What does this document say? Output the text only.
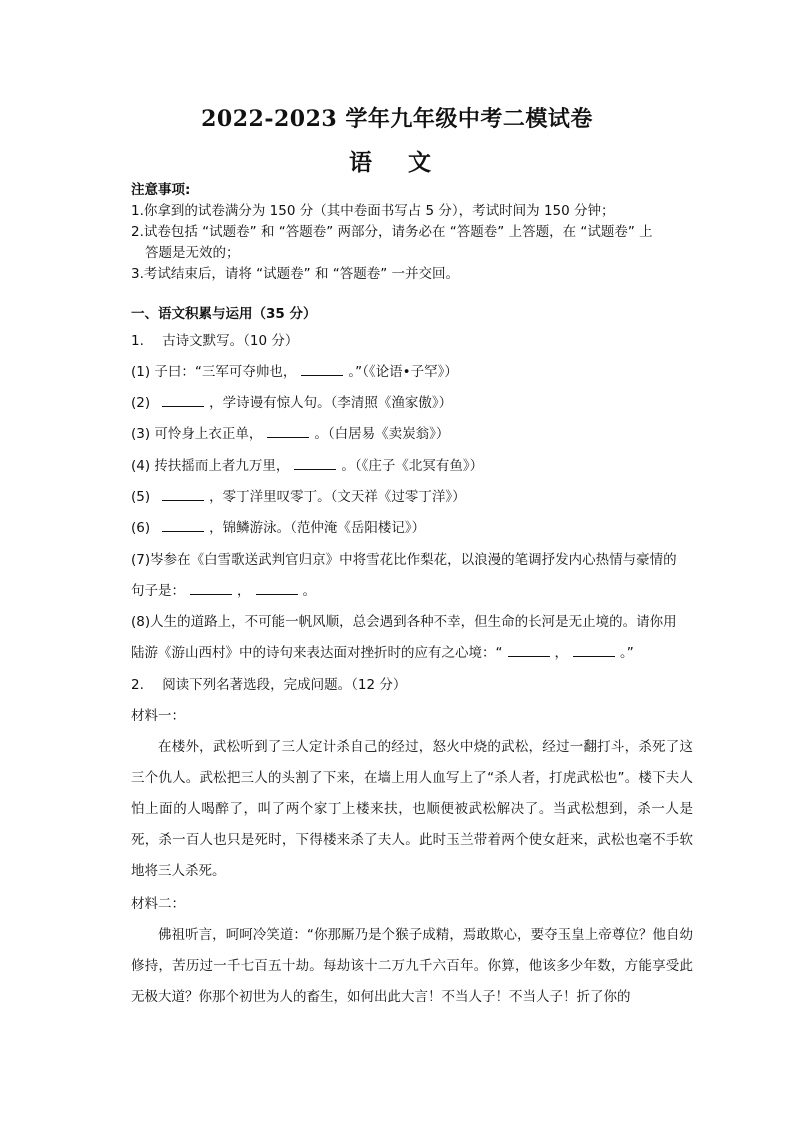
2022-2023 学年九年级中考二模试卷
语 文
注意事项:
1.你拿到的试卷满分为 150 分（其中卷面书写占 5 分），考试时间为 150 分钟；
2.试卷包括 “试题卷” 和 “答题卷” 两部分，请务必在 “答题卷” 上答题，在 “试题卷” 上
答题是无效的；
3.考试结束后，请将 “试题卷” 和 “答题卷” 一并交回。
一、语文积累与运用（35 分）
1. 古诗文默写。（10 分）
(1) 子曰：“三军可夺帅也，	。”（《论语•子罕》）
(2)	，学诗谩有惊人句。（李清照《渔家傲》）
(3) 可怜身上衣正单，	。（白居易《卖炭翁》）
(4) 抟扶摇而上者九万里，	。（《庄子《北冥有鱼》）
(5)	，零丁洋里叹零丁。（文天祥《过零丁洋》）
(6)	，锦鳞游泳。（范仲淹《岳阳楼记》）
(7)岑参在《白雪歌送武判官归京》中将雪花比作梨花，以浪漫的笔调抒发内心热情与豪情的
句子是：	，	。
(8)人生的道路上，不可能一帆风顺，总会遇到各种不幸，但生命的长河是无止境的。请你用
陆游《游山西村》中的诗句来表达面对挫折时的应有之心境：“	，	。”
2. 阅读下列名著选段，完成问题。（12 分）
材料一：
在楼外，武松听到了三人定计杀自己的经过，怒火中烧的武松，经过一翻打斗，杀死了这三个仇人。武松把三人的头割了下来，在墙上用人血写上了“杀人者，打虎武松也”。楼下夫人怕上面的人喝醉了，叫了两个家丁上楼来扶，也顺便被武松解决了。当武松想到，杀一人是死，杀一百人也只是死时，下得楼来杀了夫人。此时玉兰带着两个使女赶来，武松也毫不手软地将三人杀死。
材料二：
佛祖听言，呵呵冷笑道：“你那厮乃是个猴子成精，焉敢欺心，要夺玉皇上帝尊位？他自幼修持，苦历过一千七百五十劫。每劫该十二万九千六百年。你算，他该多少年数，方能享受此无极大道？你那个初世为人的畜生，如何出此大言！不当人子！不当人子！折了你的
